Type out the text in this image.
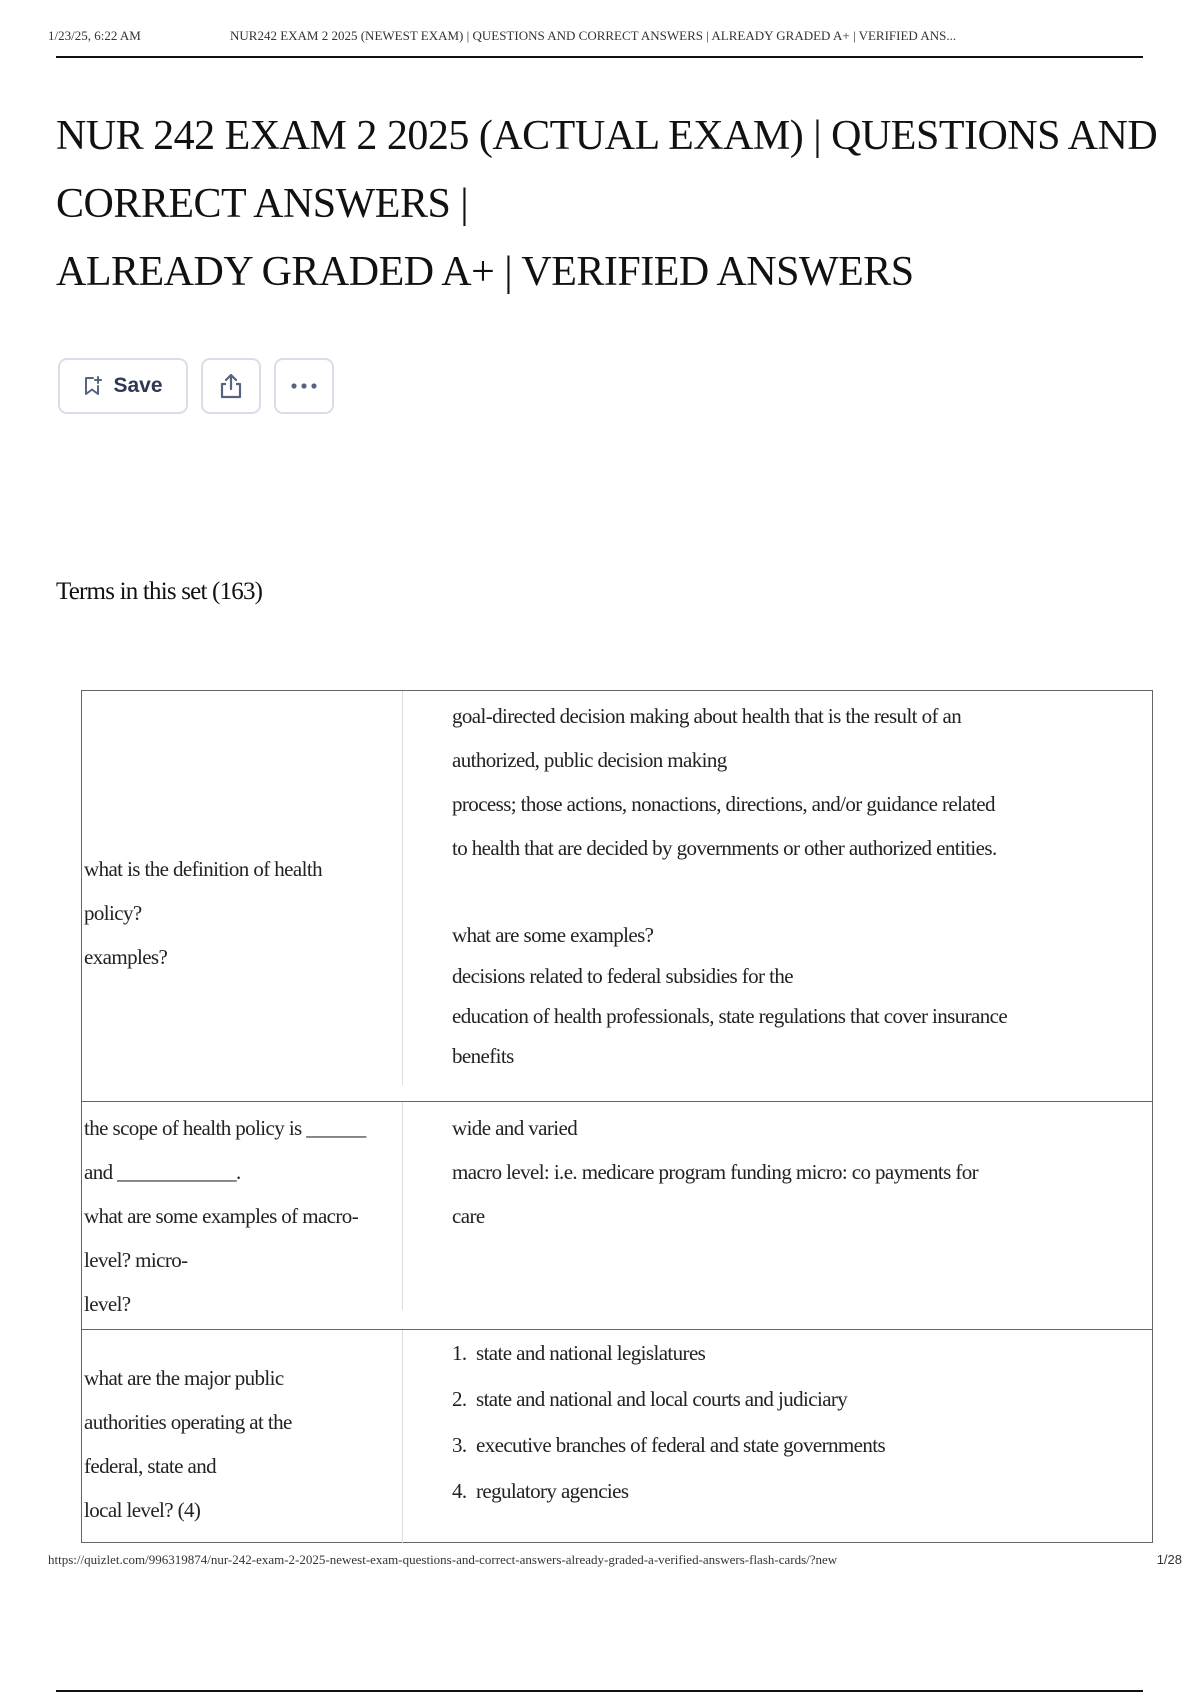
1/23/25, 6:22 AM	NUR242 EXAM 2 2025 (NEWEST EXAM) | QUESTIONS AND CORRECT ANSWERS | ALREADY GRADED A+ | VERIFIED ANS...
NUR 242 EXAM 2 2025 (ACTUAL EXAM) | QUESTIONS AND
CORRECT ANSWERS |
ALREADY GRADED A+ | VERIFIED ANSWERS
Save
Terms in this set (163)

what is the definition of health

policy?

examples?

goal-directed decision making about health that is the result of an

authorized, public decision making

process; those actions, nonactions, directions, and/or guidance related

to health that are decided by governments or other authorized entities.

what are some examples?

decisions related to federal subsidies for the

education of health professionals, state regulations that cover insurance

benefits

the scope of health policy is ______

and ____________.

what are some examples of macro-

level? micro-

level?

wide and varied

macro level: i.e. medicare program funding micro: co payments for

care

what are the major public

authorities operating at the

federal, state and

local level? (4)

1. state and national legislatures
2. state and national and local courts and judiciary
3. executive branches of federal and state governments
4. regulatory agencies
https://quizlet.com/996319874/nur-242-exam-2-2025-newest-exam-questions-and-correct-answers-already-graded-a-verified-answers-flash-cards/?new	1/28
